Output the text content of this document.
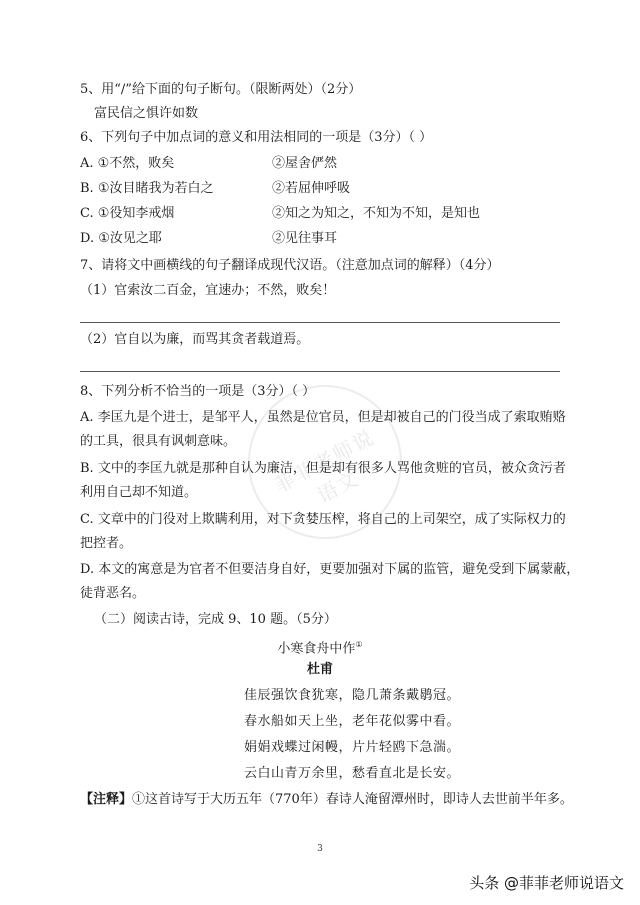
5、用“/”给下面的句子断句。（限断两处）（2分）
富民信之惧许如数
6、下列句子中加点词的意义和用法相同的一项是（3分）（ ）
A. ①不然，败矣	②屋舍俨然
B. ①汝目睹我为若白之	②若屈伸呼吸
C. ①役知李戒烟	②知之为知之，不知为不知，是知也
D. ①汝见之耶	②见往事耳
7、请将文中画横线的句子翻译成现代汉语。（注意加点词的解释）（4分）
（1）官索汝二百金，宜速办；不然，败矣！
（2）官自以为廉，而骂其贪者载道焉。
菲菲老师说语文
8、下列分析不恰当的一项是（3分）（ ）
A. 李匡九是个进士，是邹平人，虽然是位官员，但是却被自己的门役当成了索取贿赂
的工具，很具有讽刺意味。
B. 文中的李匡九就是那种自认为廉洁，但是却有很多人骂他贪赃的官员，被众贪污者
利用自己却不知道。
C. 文章中的门役对上欺瞒利用，对下贪婪压榨，将自己的上司架空，成了实际权力的
把控者。
D. 本文的寓意是为官者不但要洁身自好，更要加强对下属的监管，避免受到下属蒙蔽，
徒背恶名。
（二）阅读古诗，完成 9、10 题。（5分）
小寒食舟中作①
杜甫
佳辰强饮食犹寒，隐几萧条戴鹖冠。
春水船如天上坐，老年花似雾中看。
娟娟戏蝶过闲幔，片片轻鸥下急湍。
云白山青万余里，愁看直北是长安。
【注释】①这首诗写于大历五年（770年）春诗人淹留潭州时，即诗人去世前半年多。
3
头条 @菲菲老师说语文
